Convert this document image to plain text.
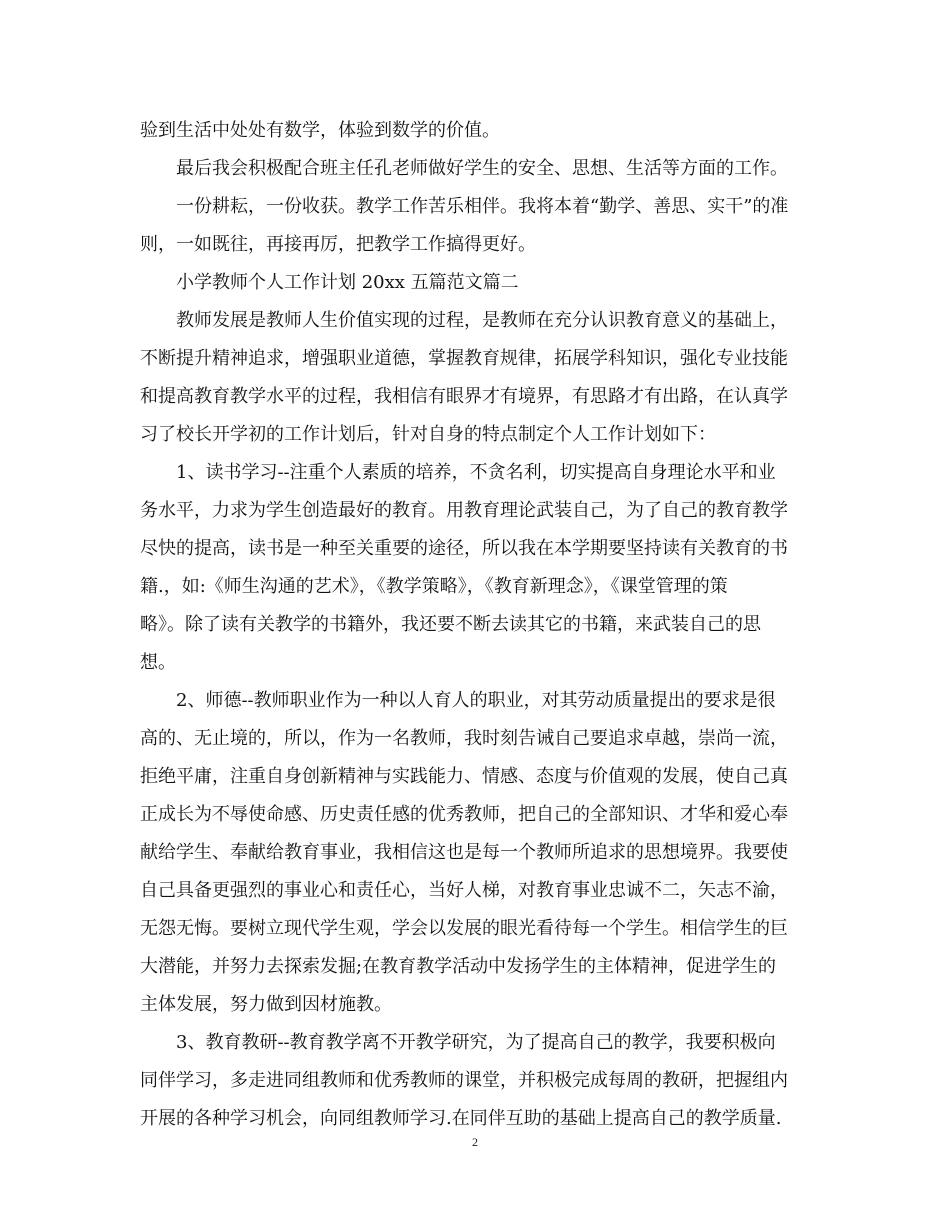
验到生活中处处有数学，体验到数学的价值。
最后我会积极配合班主任孔老师做好学生的安全、思想、生活等方面的工作。
一份耕耘，一份收获。教学工作苦乐相伴。我将本着“勤学、善思、实干”的准
则，一如既往，再接再厉，把教学工作搞得更好。
小学教师个人工作计划 20xx 五篇范文篇二
教师发展是教师人生价值实现的过程，是教师在充分认识教育意义的基础上，
不断提升精神追求，增强职业道德，掌握教育规律，拓展学科知识，强化专业技能
和提高教育教学水平的过程，我相信有眼界才有境界，有思路才有出路，在认真学
习了校长开学初的工作计划后，针对自身的特点制定个人工作计划如下：
1、读书学习--注重个人素质的培养，不贪名利，切实提高自身理论水平和业
务水平，力求为学生创造最好的教育。用教育理论武装自己，为了自己的教育教学
尽快的提高，读书是一种至关重要的途径，所以我在本学期要坚持读有关教育的书
籍.，如:《师生沟通的艺术》，《教学策略》，《教育新理念》，《课堂管理的策
略》。除了读有关教学的书籍外，我还要不断去读其它的书籍，来武装自己的思
想。
2、师德--教师职业作为一种以人育人的职业，对其劳动质量提出的要求是很
高的、无止境的，所以，作为一名教师，我时刻告诫自己要追求卓越，崇尚一流，
拒绝平庸，注重自身创新精神与实践能力、情感、态度与价值观的发展，使自己真
正成长为不辱使命感、历史责任感的优秀教师，把自己的全部知识、才华和爱心奉
献给学生、奉献给教育事业，我相信这也是每一个教师所追求的思想境界。我要使
自己具备更强烈的事业心和责任心，当好人梯，对教育事业忠诚不二，矢志不渝，
无怨无悔。要树立现代学生观，学会以发展的眼光看待每一个学生。相信学生的巨
大潜能，并努力去探索发掘;在教育教学活动中发扬学生的主体精神，促进学生的
主体发展，努力做到因材施教。
3、教育教研--教育教学离不开教学研究，为了提高自己的教学，我要积极向
同伴学习，多走进同组教师和优秀教师的课堂，并积极完成每周的教研，把握组内
开展的各种学习机会，向同组教师学习.在同伴互助的基础上提高自己的教学质量.
2
